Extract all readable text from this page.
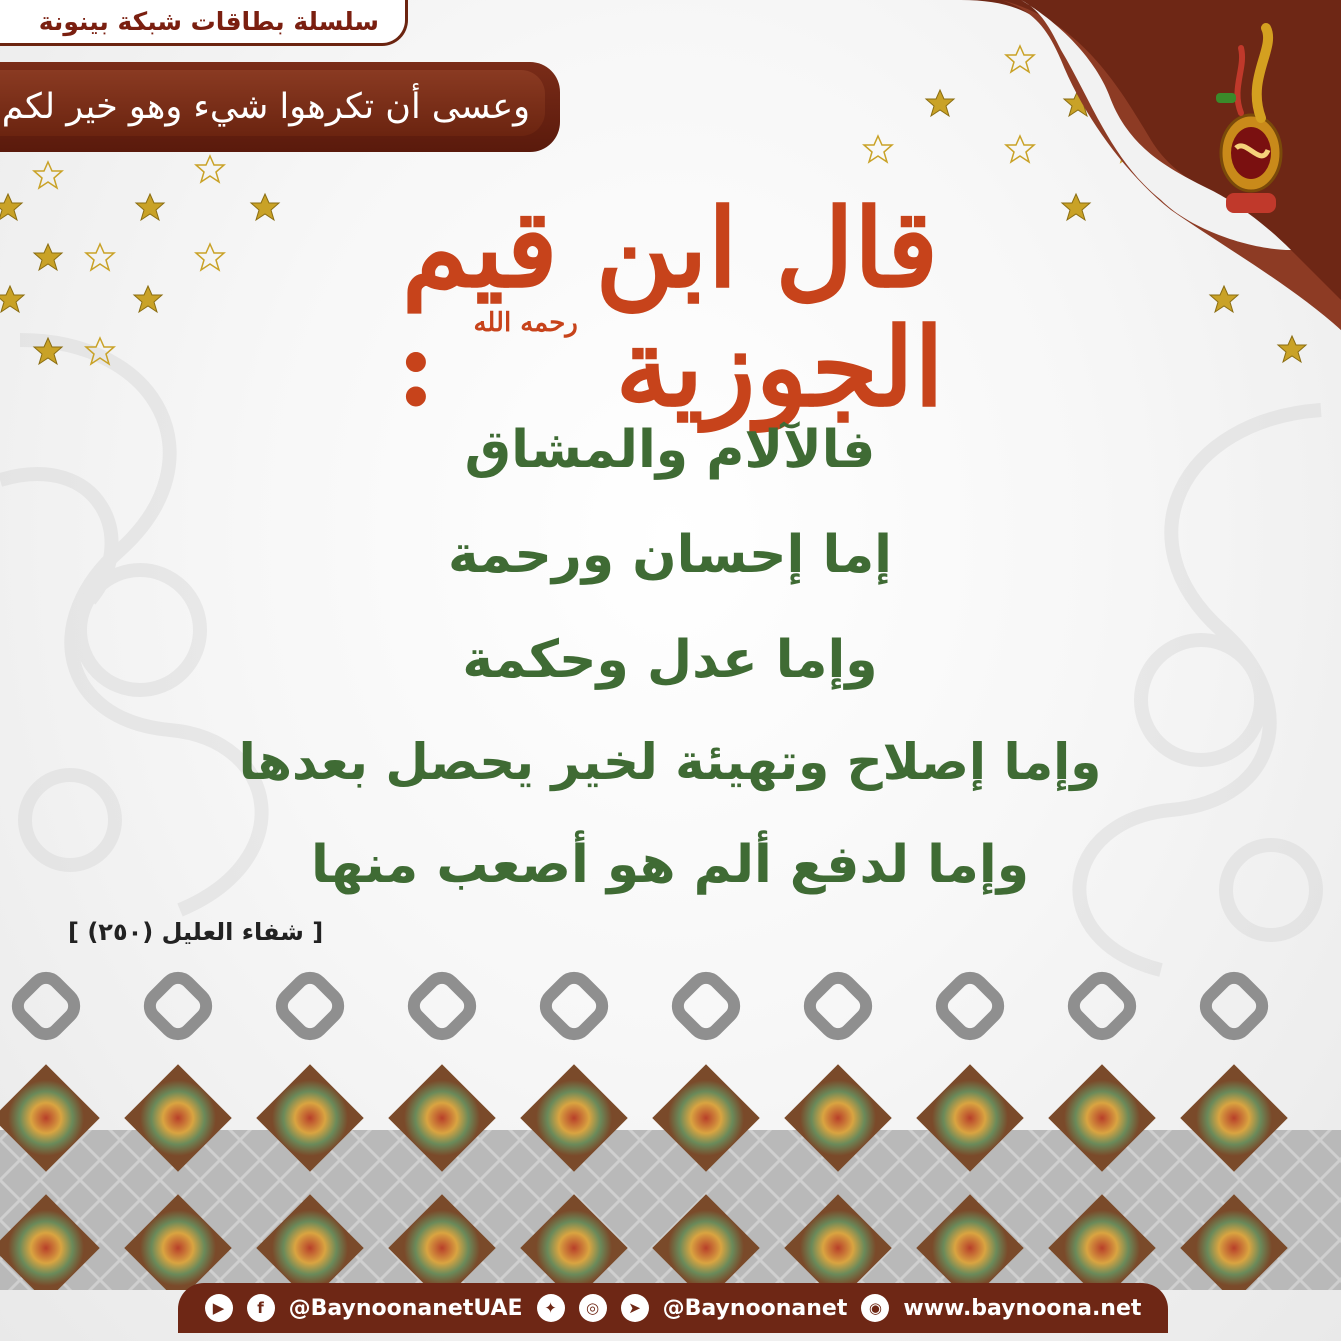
سلسلة بطاقات شبكة بينونة
وعسى أن تكرهوا شيء وهو خير لكم
قال ابن قيم الجوزية $^{رحمه الله}$ :
فالآلام والمشاق
إما إحسان ورحمة
وإما عدل وحكمة
وإما إصلاح وتهيئة لخير يحصل بعدها
وإما لدفع ألم هو أصعب منها
[ شفاء العليل (٢٥٠) ]
▶	f	@BaynoonanetUAE	✦	◎	➤ @Baynoonanet	◉ www.baynoona.net
